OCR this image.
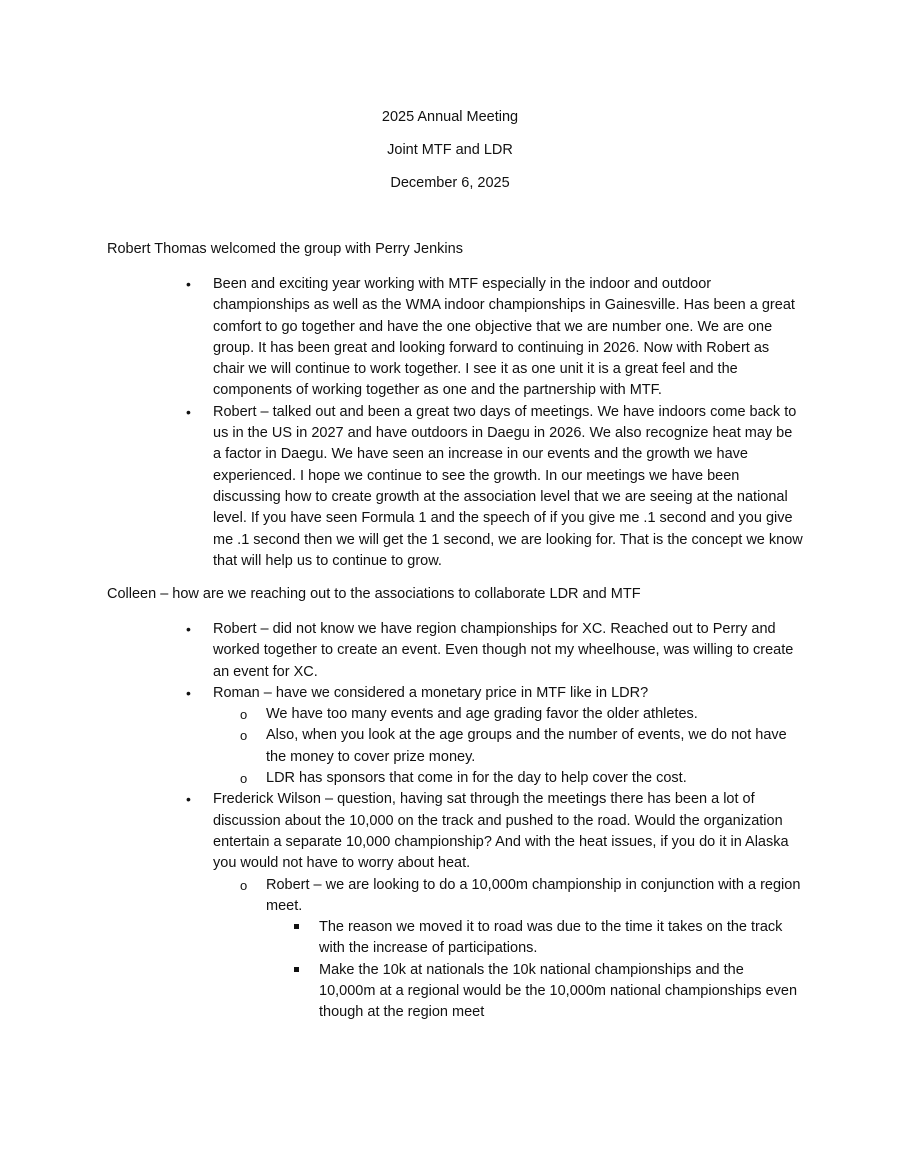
2025 Annual Meeting
Joint MTF and LDR
December 6, 2025

Robert Thomas welcomed the group with Perry Jenkins

• Been and exciting year working with MTF especially in the indoor and outdoor championships as well as the WMA indoor championships in Gainesville. Has been a great comfort to go together and have the one objective that we are number one. We are one group. It has been great and looking forward to continuing in 2026. Now with Robert as chair we will continue to work together. I see it as one unit it is a great feel and the components of working together as one and the partnership with MTF.
• Robert – talked out and been a great two days of meetings. We have indoors come back to us in the US in 2027 and have outdoors in Daegu in 2026. We also recognize heat may be a factor in Daegu. We have seen an increase in our events and the growth we have experienced. I hope we continue to see the growth. In our meetings we have been discussing how to create growth at the association level that we are seeing at the national level. If you have seen Formula 1 and the speech of if you give me .1 second and you give me .1 second then we will get the 1 second, we are looking for. That is the concept we know that will help us to continue to grow.

Colleen – how are we reaching out to the associations to collaborate LDR and MTF

• Robert – did not know we have region championships for XC. Reached out to Perry and worked together to create an event. Even though not my wheelhouse, was willing to create an event for XC.
• Roman – have we considered a monetary price in MTF like in LDR?
o We have too many events and age grading favor the older athletes.
o Also, when you look at the age groups and the number of events, we do not have the money to cover prize money.
o LDR has sponsors that come in for the day to help cover the cost.
• Frederick Wilson – question, having sat through the meetings there has been a lot of discussion about the 10,000 on the track and pushed to the road. Would the organization entertain a separate 10,000 championship? And with the heat issues, if you do it in Alaska you would not have to worry about heat.
o Robert – we are looking to do a 10,000m championship in conjunction with a region meet.
The reason we moved it to road was due to the time it takes on the track with the increase of participations.
Make the 10k at nationals the 10k national championships and the 10,000m at a regional would be the 10,000m national championships even though at the region meet
